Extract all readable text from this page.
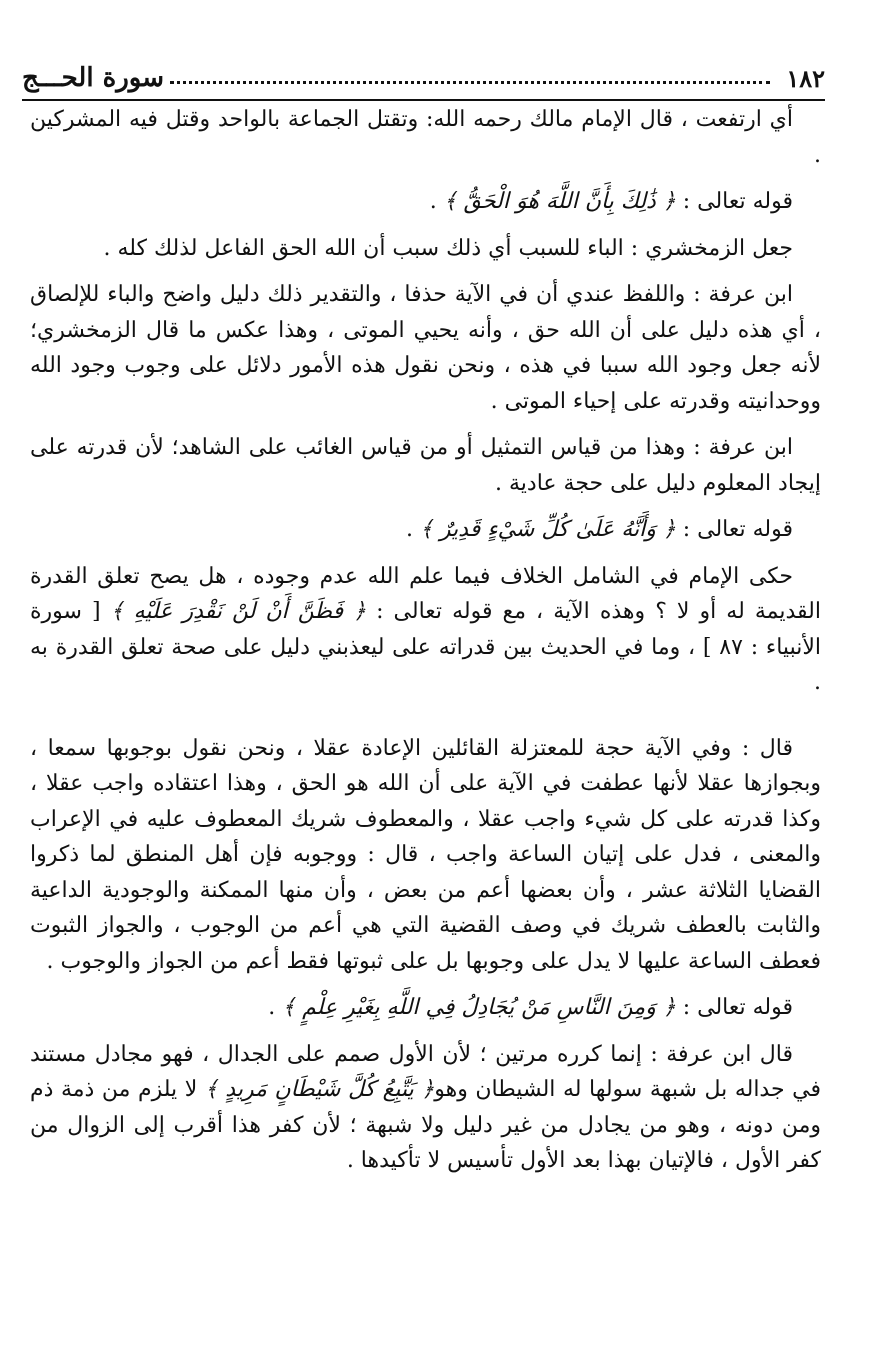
١٨٢
سورة الحـــج

أي ارتفعت ، قال الإمام مالك رحمه الله: وتقتل الجماعة بالواحد وقتل فيه المشركين .

قوله تعالى : ﴿ ذَٰلِكَ بِأَنَّ اللَّهَ هُوَ الْحَقُّ ﴾ .

جعل الزمخشري : الباء للسبب أي ذلك سبب أن الله الحق الفاعل لذلك كله .

ابن عرفة : واللفظ عندي أن في الآية حذفا ، والتقدير ذلك دليل واضح والباء للإلصاق ، أي هذه دليل على أن الله حق ، وأنه يحيي الموتى ، وهذا عكس ما قال الزمخشري؛ لأنه جعل وجود الله سببا في هذه ، ونحن نقول هذه الأمور دلائل على وجوب وجود الله ووحدانيته وقدرته على إحياء الموتى .

ابن عرفة : وهذا من قياس التمثيل أو من قياس الغائب على الشاهد؛ لأن قدرته على إيجاد المعلوم دليل على حجة عادية .

قوله تعالى : ﴿ وَأَنَّهُ عَلَىٰ كُلِّ شَيْءٍ قَدِيرٌ ﴾ .

حكى الإمام في الشامل الخلاف فيما علم الله عدم وجوده ، هل يصح تعلق القدرة القديمة له أو لا ؟ وهذه الآية ، مع قوله تعالى : ﴿ فَظَنَّ أَنْ لَنْ نَقْدِرَ عَلَيْهِ ﴾ [ سورة الأنبياء : ٨٧ ] ، وما في الحديث بين قدراته على ليعذبني دليل على صحة تعلق القدرة به .

قال : وفي الآية حجة للمعتزلة القائلين الإعادة عقلا ، ونحن نقول بوجوبها سمعا ، وبجوازها عقلا لأنها عطفت في الآية على أن الله هو الحق ، وهذا اعتقاده واجب عقلا ، وكذا قدرته على كل شيء واجب عقلا ، والمعطوف شريك المعطوف عليه في الإعراب والمعنى ، فدل على إتيان الساعة واجب ، قال : ووجوبه فإن أهل المنطق لما ذكروا القضايا الثلاثة عشر ، وأن بعضها أعم من بعض ، وأن منها الممكنة والوجودية الداعية والثابت بالعطف شريك في وصف القضية التي هي أعم من الوجوب ، والجواز الثبوت فعطف الساعة عليها لا يدل على وجوبها بل على ثبوتها فقط أعم من الجواز والوجوب .

قوله تعالى : ﴿ وَمِنَ النَّاسِ مَنْ يُجَادِلُ فِي اللَّهِ بِغَيْرِ عِلْمٍ ﴾ .

قال ابن عرفة : إنما كرره مرتين ؛ لأن الأول صمم على الجدال ، فهو مجادل مستند في جداله بل شبهة سولها له الشيطان وهو﴿ يَتَّبِعُ كُلَّ شَيْطَانٍ مَرِيدٍ ﴾ لا يلزم من ذمة ذم ومن دونه ، وهو من يجادل من غير دليل ولا شبهة ؛ لأن كفر هذا أقرب إلى الزوال من كفر الأول ، فالإتيان بهذا بعد الأول تأسيس لا تأكيدها .
